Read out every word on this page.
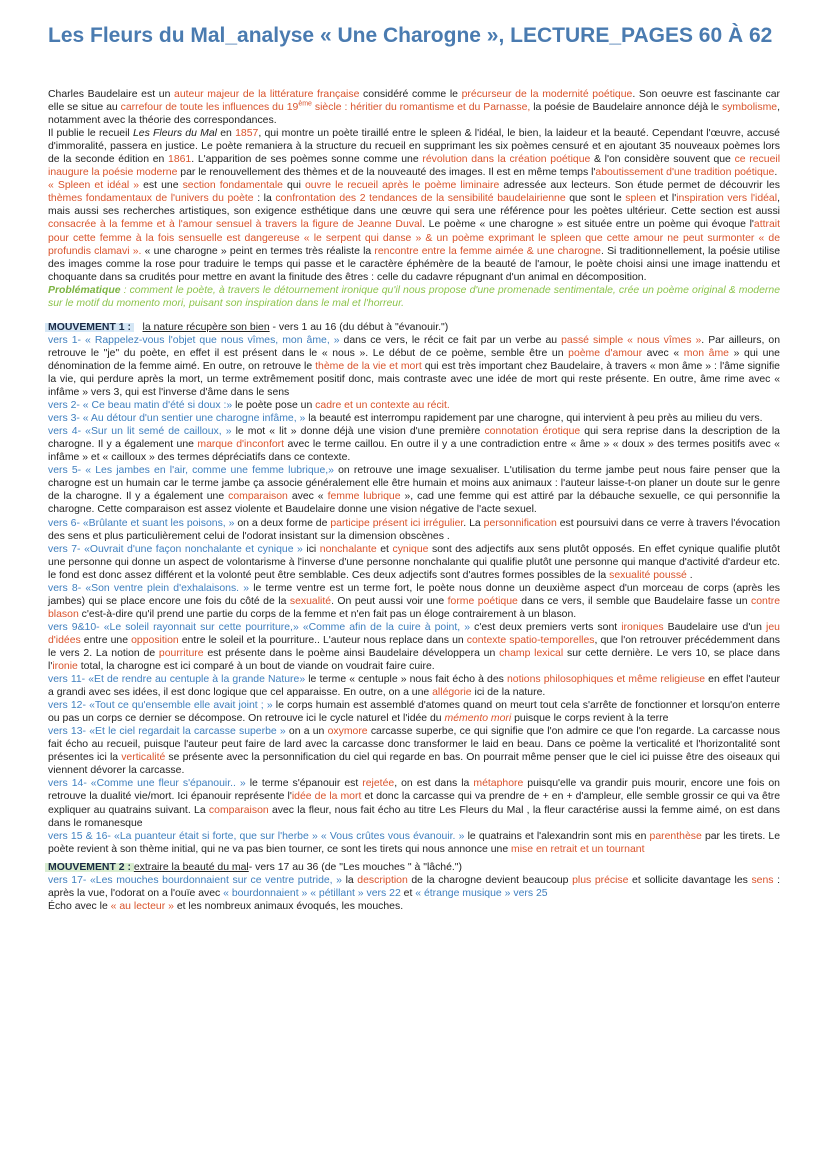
Les Fleurs du Mal_analyse « Une Charogne », LECTURE_PAGES 60 À 62

Charles Baudelaire est un auteur majeur de la littérature française considéré comme le précurseur de la modernité poétique. Son oeuvre est fascinante car elle se situe au carrefour de toute les influences du 19ème siècle : héritier du romantisme et du Parnasse, la poésie de Baudelaire annonce déjà le symbolisme, notamment avec la théorie des correspondances.

Il publie le recueil Les Fleurs du Mal en 1857, qui montre un poète tiraillé entre le spleen & l'idéal, le bien, la laideur et la beauté. Cependant l'œuvre, accusé d'immoralité, passera en justice. Le poète remaniera à la structure du recueil en supprimant les six poèmes censuré et en ajoutant 35 nouveaux poèmes lors de la seconde édition en 1861. L'apparition de ses poèmes sonne comme une révolution dans la création poétique & l'on considère souvent que ce recueil inaugure la poésie moderne par le renouvellement des thèmes et de la nouveauté des images. Il est en même temps l'aboutissement d'une tradition poétique.

« Spleen et idéal » est une section fondamentale qui ouvre le recueil après le poème liminaire adressée aux lecteurs. Son étude permet de découvrir les thèmes fondamentaux de l'univers du poète : la confrontation des 2 tendances de la sensibilité baudelairienne que sont le spleen et l'inspiration vers l'idéal, mais aussi ses recherches artistiques, son exigence esthétique dans une œuvre qui sera une référence pour les poètes ultérieur. Cette section est aussi consacrée à la femme et à l'amour sensuel à travers la figure de Jeanne Duval. Le poème « une charogne » est située entre un poème qui évoque l'attrait pour cette femme à la fois sensuelle est dangereuse « le serpent qui danse » & un poème exprimant le spleen que cette amour ne peut surmonter « de profundis clamavi ». « une charogne » peint en termes très réaliste la rencontre entre la femme aimée & une charogne. Si traditionnellement, la poésie utilise des images comme la rose pour traduire le temps qui passe et le caractère éphémère de la beauté de l'amour, le poète choisi ainsi une image inattendu et choquante dans sa crudités pour mettre en avant la finitude des êtres : celle du cadavre répugnant d'un animal en décomposition.

Problématique : comment le poète, à travers le détournement ironique qu'il nous propose d'une promenade sentimentale, crée un poème original & moderne sur le motif du momento mori, puisant son inspiration dans le mal et l'horreur.

MOUVEMENT 1 : la nature récupère son bien - vers 1 au 16 (du début à "évanouir.")

vers 1- « Rappelez-vous l'objet que nous vîmes, mon âme, » dans ce vers, le récit ce fait par un verbe au passé simple « nous vîmes ». Par ailleurs, on retrouve le "je" du poète, en effet il est présent dans le « nous ». Le début de ce poème, semble être un poème d'amour avec « mon âme » qui une dénomination de la femme aimé. En outre, on retrouve le thème de la vie et mort qui est très important chez Baudelaire, à travers « mon âme » : l'âme signifie la vie, qui perdure après la mort, un terme extrêmement positif donc, mais contraste avec une idée de mort qui reste présente. En outre, âme rime avec « infâme » vers 3, qui est l'inverse d'âme dans le sens

vers 2- « Ce beau matin d'été si doux :» le poète pose un cadre et un contexte au récit.

vers 3- « Au détour d'un sentier une charogne infâme, » la beauté est interrompu rapidement par une charogne, qui intervient à peu près au milieu du vers.

vers 4- «Sur un lit semé de cailloux, » le mot « lit » donne déjà une vision d'une première connotation érotique qui sera reprise dans la description de la charogne. Il y a également une marque d'inconfort avec le terme caillou. En outre il y a une contradiction entre « âme » « doux » des termes positifs avec « infâme » et « cailloux » des termes dépréciatifs dans ce contexte.

vers 5- « Les jambes en l'air, comme une femme lubrique,» on retrouve une image sexualiser. L'utilisation du terme jambe peut nous faire penser que la charogne est un humain car le terme jambe ça associe généralement elle être humain et moins aux animaux : l'auteur laisse-t-on planer un doute sur le genre de la charogne. Il y a également une comparaison avec « femme lubrique », cad une femme qui est attiré par la débauche sexuelle, ce qui personnifie la charogne. Cette comparaison est assez violente et Baudelaire donne une vision négative de l'acte sexuel.

vers 6- «Brûlante et suant les poisons, » on a deux forme de participe présent ici irrégulier. La personnification est poursuivi dans ce verre à travers l'évocation des sens et plus particulièrement celui de l'odorat insistant sur la dimension obscènes .

vers 7- «Ouvrait d'une façon nonchalante et cynique » ici nonchalante et cynique sont des adjectifs aux sens plutôt opposés. En effet cynique qualifie plutôt une personne qui donne un aspect de volontarisme à l'inverse d'une personne nonchalante qui qualifie plutôt une personne qui manque d'activité d'ardeur etc. le fond est donc assez différent et la volonté peut être semblable. Ces deux adjectifs sont d'autres formes possibles de la sexualité poussé .

vers 8- «Son ventre plein d'exhalaisons. » le terme ventre est un terme fort, le poète nous donne un deuxième aspect d'un morceau de corps (après les jambes) qui se place encore une fois du côté de la sexualité. On peut aussi voir une forme poétique dans ce vers, il semble que Baudelaire fasse un contre blason c'est-à-dire qu'il prend une partie du corps de la femme et n'en fait pas un éloge contrairement à un blason.

vers 9&10- «Le soleil rayonnait sur cette pourriture,» «Comme afin de la cuire à point, » c'est deux premiers verts sont ironiques Baudelaire use d'un jeu d'idées entre une opposition entre le soleil et la pourriture.. L'auteur nous replace dans un contexte spatio-temporelles, que l'on retrouver précédemment dans le vers 2. La notion de pourriture est présente dans le poème ainsi Baudelaire développera un champ lexical sur cette dernière. Le vers 10, se place dans l'ironie total, la charogne est ici comparé à un bout de viande on voudrait faire cuire.

vers 11- «Et de rendre au centuple à la grande Nature» le terme « centuple » nous fait écho à des notions philosophiques et même religieuse en effet l'auteur a grandi avec ses idées, il est donc logique que cel apparaisse. En outre, on a une allégorie ici de la nature.

vers 12- «Tout ce qu'ensemble elle avait joint ; » le corps humain est assemblé d'atomes quand on meurt tout cela s'arrête de fonctionner et lorsqu'on enterre ou pas un corps ce dernier se décompose. On retrouve ici le cycle naturel et l'idée du mémento mori puisque le corps revient à la terre

vers 13- «Et le ciel regardait la carcasse superbe » on a un oxymore carcasse superbe, ce qui signifie que l'on admire ce que l'on regarde. La carcasse nous fait écho au recueil, puisque l'auteur peut faire de lard avec la carcasse donc transformer le laid en beau. Dans ce poème la verticalité et l'horizontalité sont présentes ici la verticalité se présente avec la personnification du ciel qui regarde en bas. On pourrait même penser que le ciel ici puisse être des oiseaux qui viennent dévorer la carcasse.

vers 14- «Comme une fleur s'épanouir.. » le terme s'épanouir est rejetée, on est dans la métaphore puisqu'elle va grandir puis mourir, encore une fois on retrouve la dualité vie/mort. Ici épanouir représente l'idée de la mort et donc la carcasse qui va prendre de + en + d'ampleur, elle semble grossir ce qui va être expliquer au quatrains suivant. La comparaison avec la fleur, nous fait écho au titre Les Fleurs du Mal , la fleur caractérise aussi la femme aimé, on est dans dans le romanesque

vers 15 & 16- «La puanteur était si forte, que sur l'herbe » « Vous crûtes vous évanouir. » le quatrains et l'alexandrin sont mis en parenthèse par les tirets. Le poète revient à son thème initial, qui ne va pas bien tourner, ce sont les tirets qui nous annonce une mise en retrait et un tournant

MOUVEMENT 2 : extraire la beauté du mal- vers 17 au 36 (de "Les mouches " à "lâché.")

vers 17- «Les mouches bourdonnaient sur ce ventre putride, » la description de la charogne devient beaucoup plus précise et sollicite davantage les sens : après la vue, l'odorat on a l'ouïe avec « bourdonnaient » « pétillant » vers 22 et « étrange musique » vers 25

Écho avec le « au lecteur » et les nombreux animaux évoqués, les mouches.
